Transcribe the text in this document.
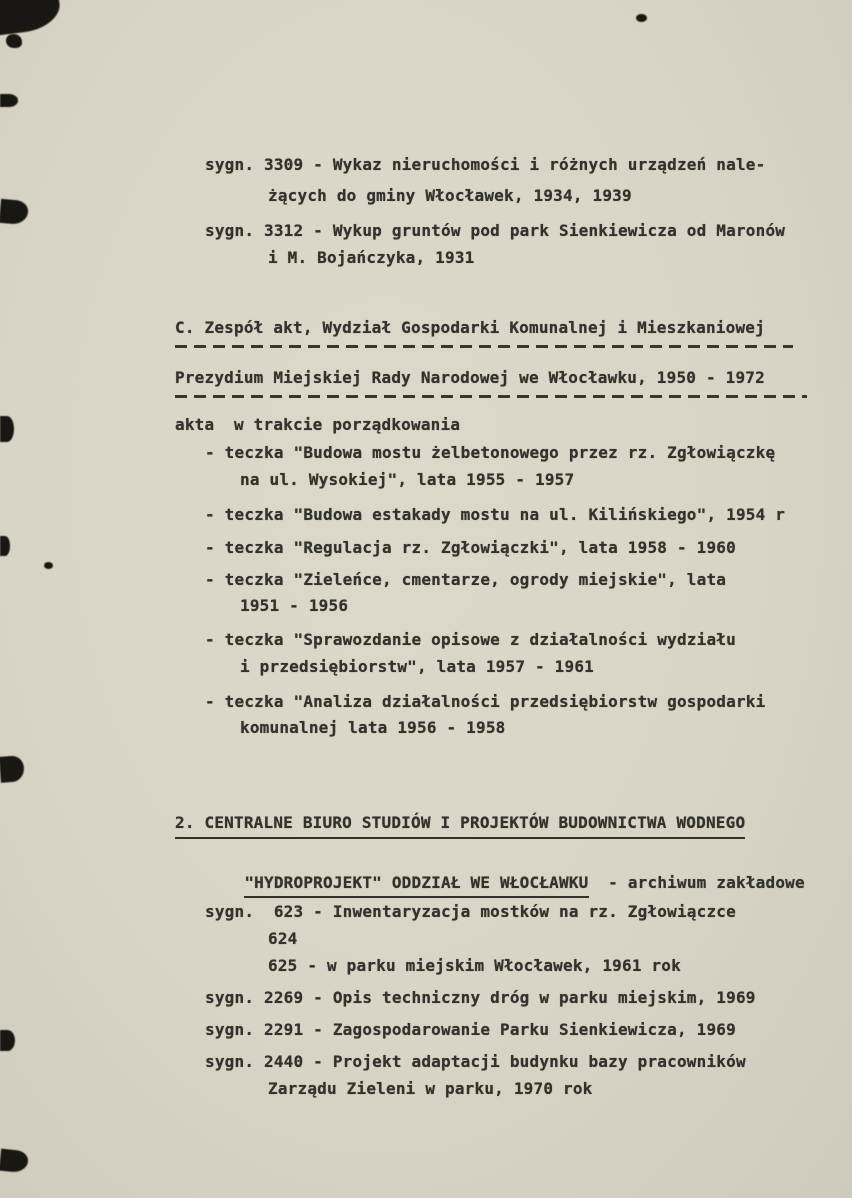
sygn. 3309 - Wykaz nieruchomości i różnych urządzeń nale-
żących do gminy Włocławek, 1934, 1939
sygn. 3312 - Wykup gruntów pod park Sienkiewicza od Maronów
i M. Bojańczyka, 1931
C. Zespół akt, Wydział Gospodarki Komunalnej i Mieszkaniowej
Prezydium Miejskiej Rady Narodowej we Włocławku, 1950 - 1972
akta  w trakcie porządkowania
- teczka "Budowa mostu żelbetonowego przez rz. Zgłowiączkę
na ul. Wysokiej", lata 1955 - 1957
- teczka "Budowa estakady mostu na ul. Kilińskiego", 1954 r
- teczka "Regulacja rz. Zgłowiączki", lata 1958 - 1960
- teczka "Zieleńce, cmentarze, ogrody miejskie", lata
1951 - 1956
- teczka "Sprawozdanie opisowe z działalności wydziału
i przedsiębiorstw", lata 1957 - 1961
- teczka "Analiza działalności przedsiębiorstw gospodarki
komunalnej lata 1956 - 1958
2. CENTRALNE BIURO STUDIÓW I PROJEKTÓW BUDOWNICTWA WODNEGO

"HYDROPROJEKT" ODDZIAŁ WE WŁOCŁAWKU  - archiwum zakładowe

sygn.  623 - Inwentaryzacja mostków na rz. Zgłowiączce
624
625 - w parku miejskim Włocławek, 1961 rok
sygn. 2269 - Opis techniczny dróg w parku miejskim, 1969
sygn. 2291 - Zagospodarowanie Parku Sienkiewicza, 1969
sygn. 2440 - Projekt adaptacji budynku bazy pracowników
Zarządu Zieleni w parku, 1970 rok
